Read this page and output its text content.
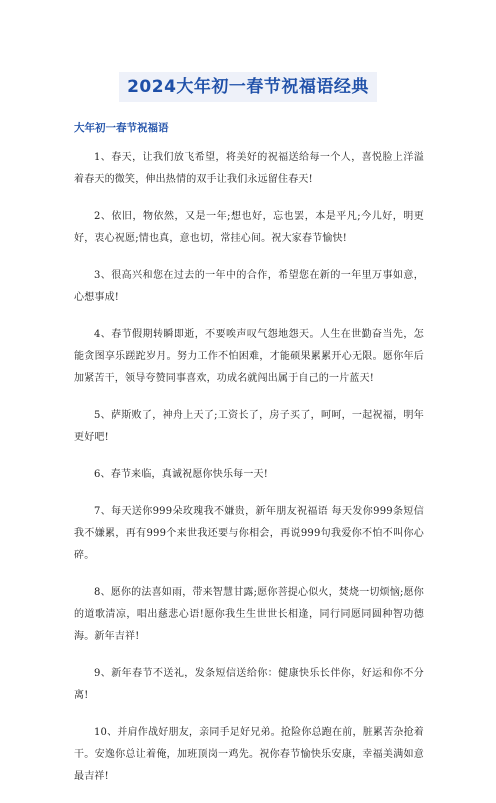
2024大年初一春节祝福语经典
大年初一春节祝福语

1、春天，让我们放飞希望，将美好的祝福送给每一个人，喜悦脸上洋溢着春天的微笑，伸出热情的双手让我们永远留住春天!

2、依旧，物依然，又是一年;想也好，忘也罢，本是平凡;今儿好，明更好，衷心祝愿;情也真，意也切，常挂心间。祝大家春节愉快!

3、很高兴和您在过去的一年中的合作，希望您在新的一年里万事如意，心想事成!

4、春节假期转瞬即逝，不要唉声叹气怨地怨天。人生在世勤奋当先，怎能贪图享乐蹉跎岁月。努力工作不怕困难，才能硕果累累开心无限。愿你年后加紧苦干，领导夸赞同事喜欢，功成名就闯出属于自己的一片蓝天!

5、萨斯败了，神舟上天了;工资长了，房子买了，呵呵，一起祝福，明年更好吧!

6、春节来临，真诚祝愿你快乐每一天!

7、每天送你999朵玫瑰我不嫌贵，新年朋友祝福语 每天发你999条短信我不嫌累，再有999个来世我还要与你相会，再说999句我爱你不怕不叫你心碎。

8、愿你的法喜如雨，带来智慧甘露;愿你菩提心似火，焚烧一切烦恼;愿你的道歌清凉，唱出慈悲心语!愿你我生生世世长相逢，同行同愿同圆种智功德海。新年吉祥!

9、新年春节不送礼，发条短信送给你：健康快乐长伴你，好运和你不分离!

10、并肩作战好朋友，亲同手足好兄弟。抢险你总跑在前，脏累苦杂抢着干。安逸你总让着俺，加班顶岗一鸡先。祝你春节愉快乐安康，幸福美满如意最吉祥!
